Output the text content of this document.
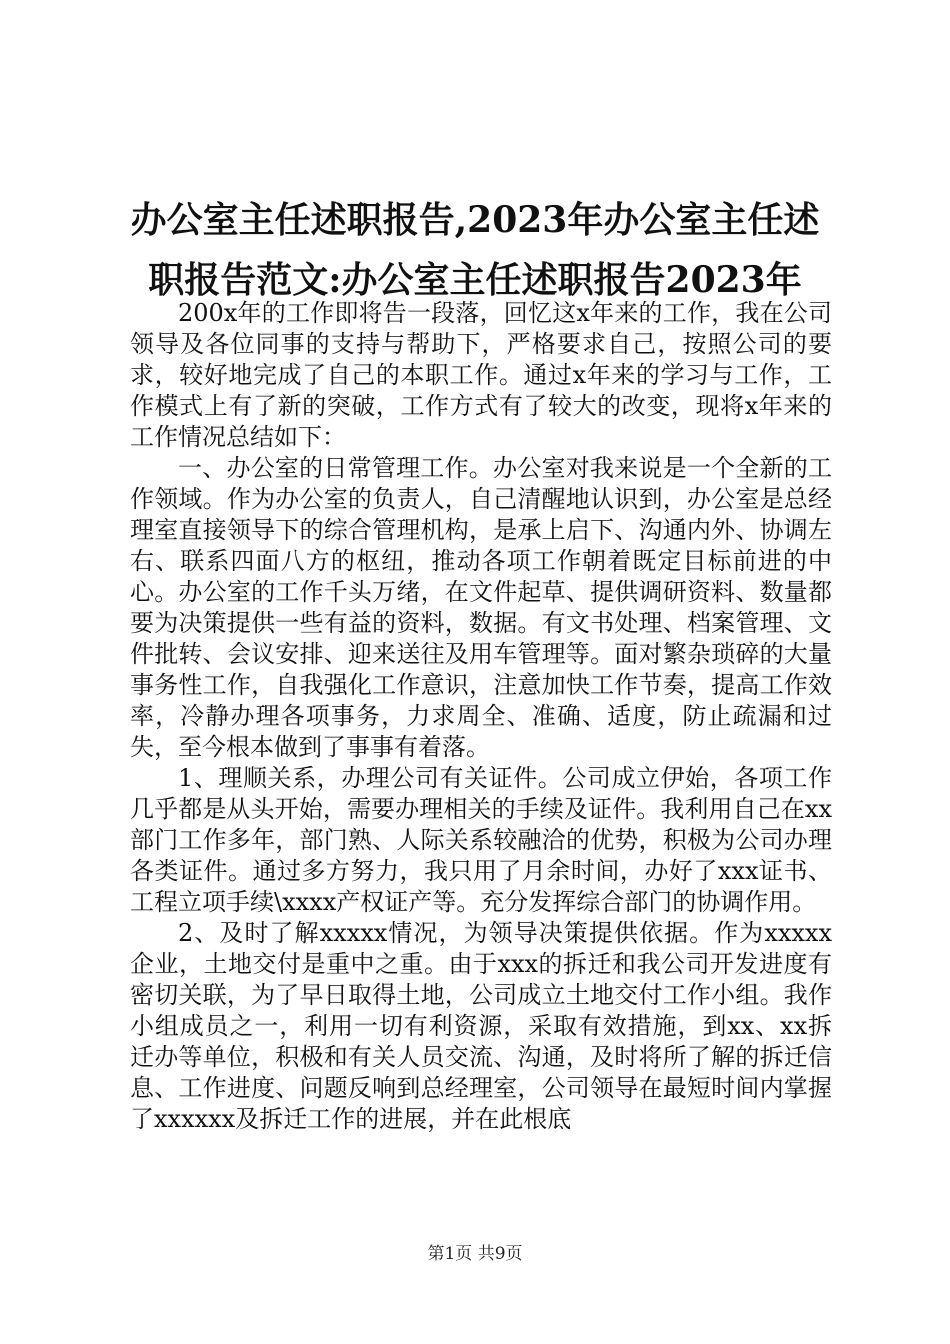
办公室主任述职报告,2023年办公室主任述职报告范文:办公室主任述职报告2023年

200x年的工作即将告一段落，回忆这x年来的工作，我在公司领导及各位同事的支持与帮助下，严格要求自己，按照公司的要求，较好地完成了自己的本职工作。通过x年来的学习与工作，工作模式上有了新的突破，工作方式有了较大的改变，现将x年来的工作情况总结如下：

一、办公室的日常管理工作。办公室对我来说是一个全新的工作领域。作为办公室的负责人，自己清醒地认识到，办公室是总经理室直接领导下的综合管理机构，是承上启下、沟通内外、协调左右、联系四面八方的枢纽，推动各项工作朝着既定目标前进的中心。办公室的工作千头万绪，在文件起草、提供调研资料、数量都要为决策提供一些有益的资料，数据。有文书处理、档案管理、文件批转、会议安排、迎来送往及用车管理等。面对繁杂琐碎的大量事务性工作，自我强化工作意识，注意加快工作节奏，提高工作效率，冷静办理各项事务，力求周全、准确、适度，防止疏漏和过失，至今根本做到了事事有着落。

1、理顺关系，办理公司有关证件。公司成立伊始，各项工作几乎都是从头开始，需要办理相关的手续及证件。我利用自己在xx部门工作多年，部门熟、人际关系较融洽的优势，积极为公司办理各类证件。通过多方努力，我只用了月余时间，办好了xxx证书、工程立项手续\xxxx产权证产等。充分发挥综合部门的协调作用。

2、及时了解xxxxx情况，为领导决策提供依据。作为xxxxx企业，土地交付是重中之重。由于xxx的拆迁和我公司开发进度有密切关联，为了早日取得土地，公司成立土地交付工作小组。我作小组成员之一，利用一切有利资源，采取有效措施，到xx、xx拆迁办等单位，积极和有关人员交流、沟通，及时将所了解的拆迁信息、工作进度、问题反响到总经理室，公司领导在最短时间内掌握了xxxxxx及拆迁工作的进展，并在此根底

第1页 共9页
